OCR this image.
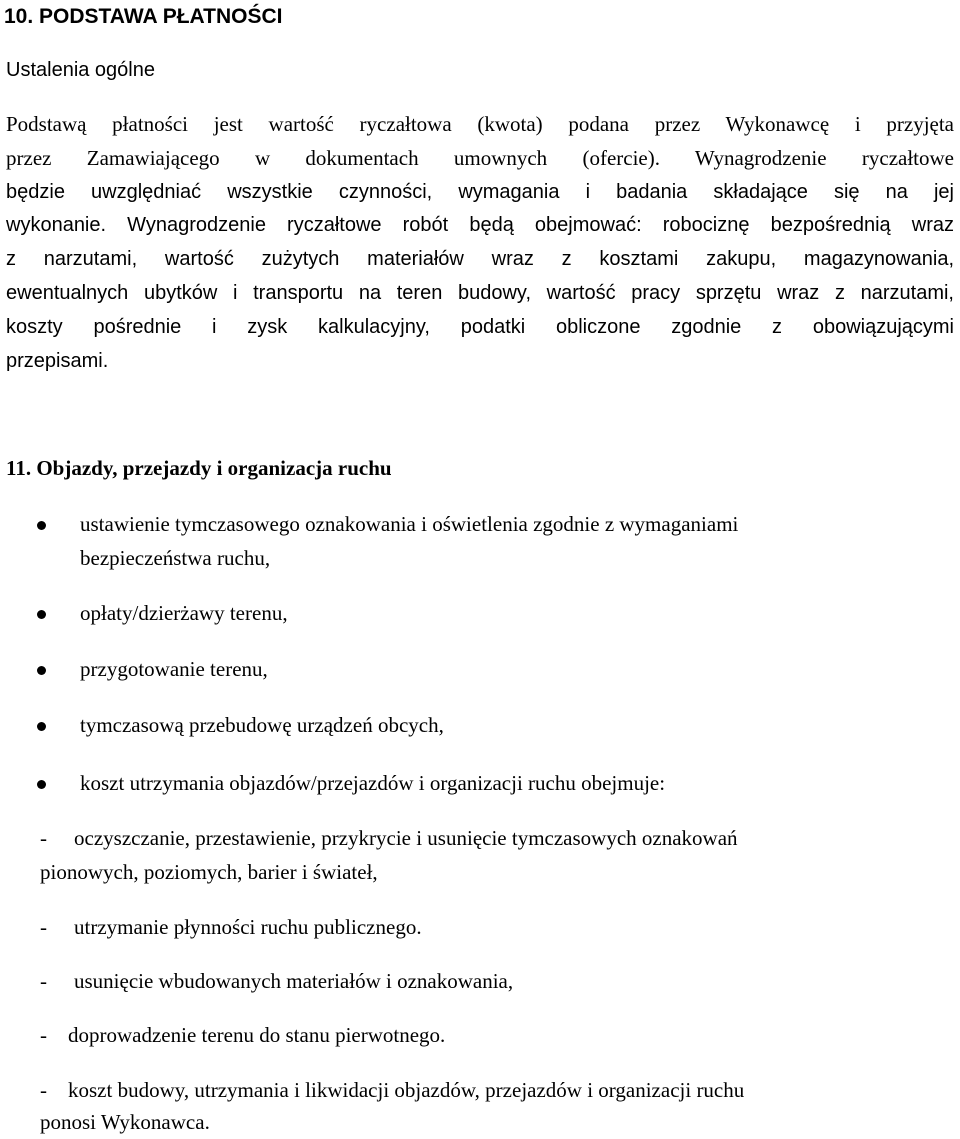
10. PODSTAWA PŁATNOŚCI
Ustalenia ogólne
Podstawą płatności jest wartość ryczałtowa (kwota) podana przez Wykonawcę i przyjęta
przez Zamawiającego w dokumentach umownych (ofercie). Wynagrodzenie ryczałtowe
będzie uwzględniać wszystkie czynności, wymagania i badania składające się na jej
wykonanie. Wynagrodzenie ryczałtowe robót będą obejmować: robociznę bezpośrednią wraz
z narzutami, wartość zużytych materiałów wraz z kosztami zakupu, magazynowania,
ewentualnych ubytków i transportu na teren budowy, wartość pracy sprzętu wraz z narzutami,
koszty pośrednie i zysk kalkulacyjny, podatki obliczone zgodnie z obowiązującymi
przepisami.
11. Objazdy, przejazdy i organizacja ruchu
ustawienie tymczasowego oznakowania i oświetlenia zgodnie z wymaganiami
bezpieczeństwa ruchu,
opłaty/dzierżawy terenu,
przygotowanie terenu,
tymczasową przebudowę urządzeń obcych,
koszt utrzymania objazdów/przejazdów i organizacji ruchu obejmuje:
- oczyszczanie, przestawienie, przykrycie i usunięcie tymczasowych oznakowań
pionowych, poziomych, barier i świateł,
- utrzymanie płynności ruchu publicznego.
- usunięcie wbudowanych materiałów i oznakowania,
- doprowadzenie terenu do stanu pierwotnego.
- koszt budowy, utrzymania i likwidacji objazdów, przejazdów i organizacji ruchu
ponosi Wykonawca.
